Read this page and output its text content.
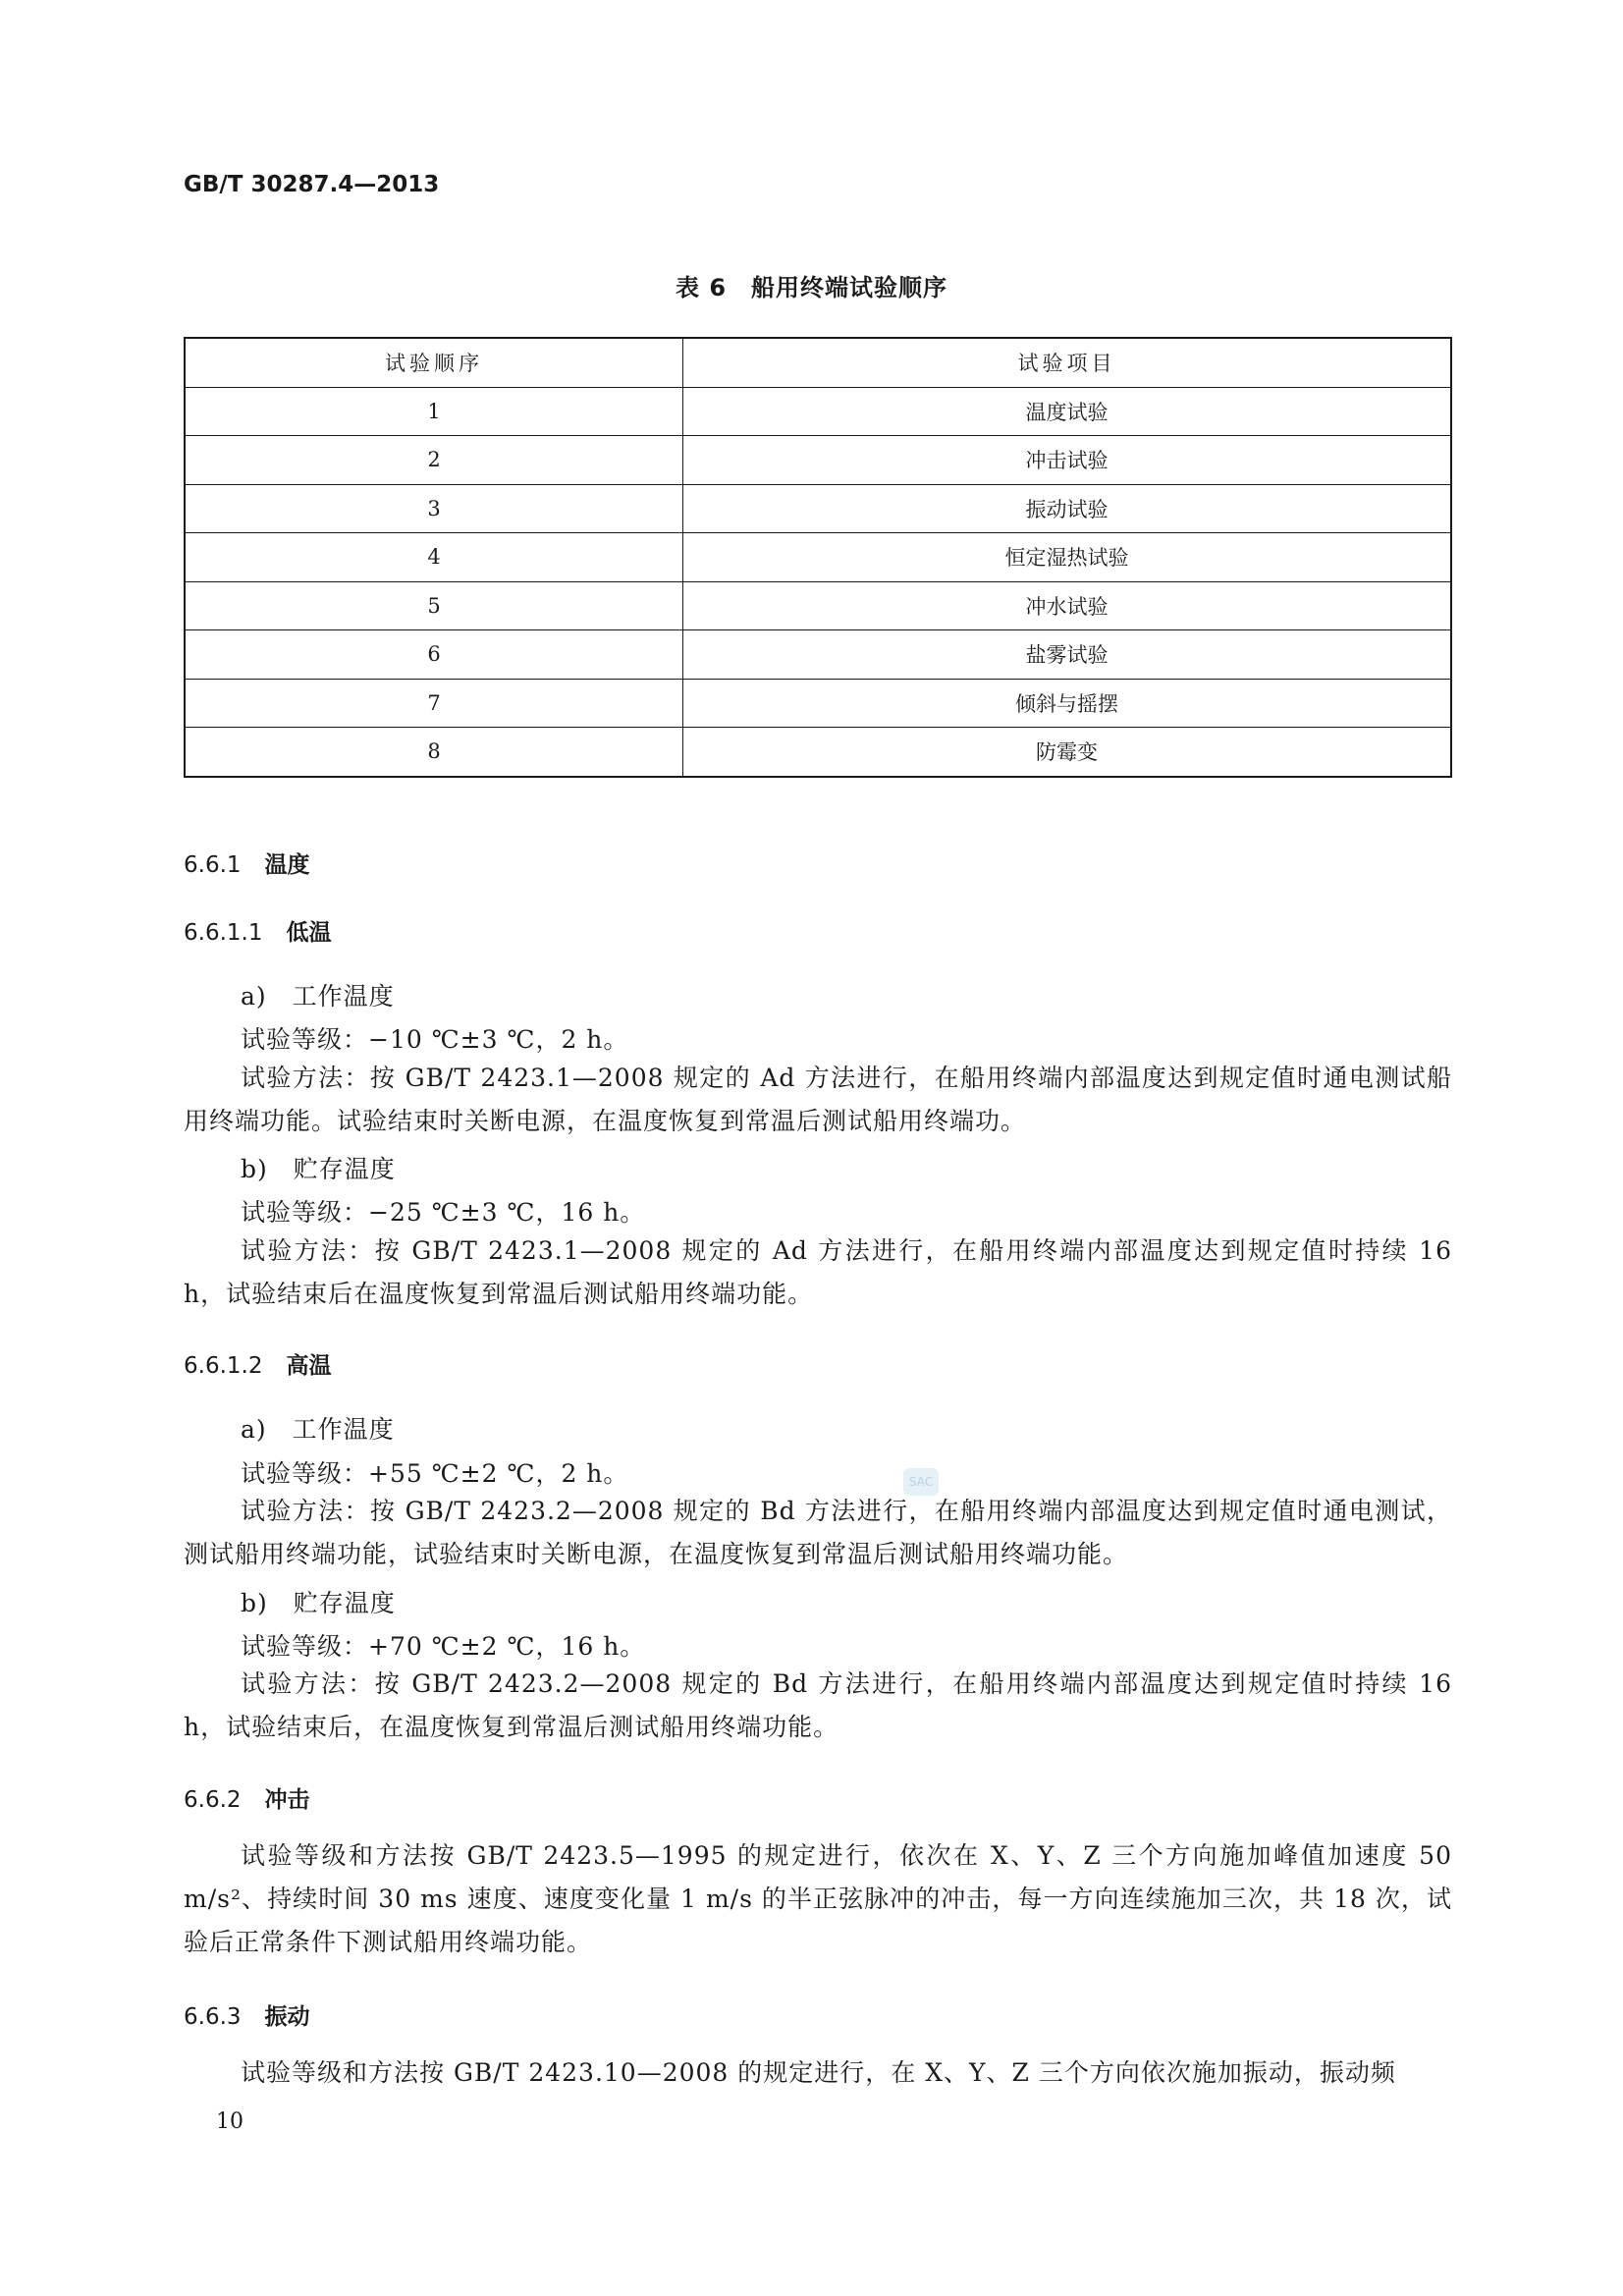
GB/T 30287.4—2013
表 6　船用终端试验顺序
试验顺序	试验项目
1	温度试验
2	冲击试验
3	振动试验
4	恒定湿热试验
5	冲水试验
6	盐雾试验
7	倾斜与摇摆
8	防霉变
6.6.1 温度
6.6.1.1 低温
a)　工作温度
试验等级：−10 ℃±3 ℃，2 h。

试验方法：按 GB/T 2423.1—2008 规定的 Ad 方法进行，在船用终端内部温度达到规定值时通电测试船用终端功能。试验结束时关断电源，在温度恢复到常温后测试船用终端功。

b)　贮存温度
试验等级：−25 ℃±3 ℃，16 h。

试验方法：按 GB/T 2423.1—2008 规定的 Ad 方法进行，在船用终端内部温度达到规定值时持续 16 h，试验结束后在温度恢复到常温后测试船用终端功能。

6.6.1.2 高温
a)　工作温度
试验等级：+55 ℃±2 ℃，2 h。

试验方法：按 GB/T 2423.2—2008 规定的 Bd 方法进行，在船用终端内部温度达到规定值时通电测试，测试船用终端功能，试验结束时关断电源，在温度恢复到常温后测试船用终端功能。

b)　贮存温度
试验等级：+70 ℃±2 ℃，16 h。

试验方法：按 GB/T 2423.2—2008 规定的 Bd 方法进行，在船用终端内部温度达到规定值时持续 16 h，试验结束后，在温度恢复到常温后测试船用终端功能。

SAC
6.6.2 冲击

试验等级和方法按 GB/T 2423.5—1995 的规定进行，依次在 X、Y、Z 三个方向施加峰值加速度 50 m/s²、持续时间 30 ms 速度、速度变化量 1 m/s 的半正弦脉冲的冲击，每一方向连续施加三次，共 18 次，试验后正常条件下测试船用终端功能。

6.6.3 振动

试验等级和方法按 GB/T 2423.10—2008 的规定进行，在 X、Y、Z 三个方向依次施加振动，振动频

10
